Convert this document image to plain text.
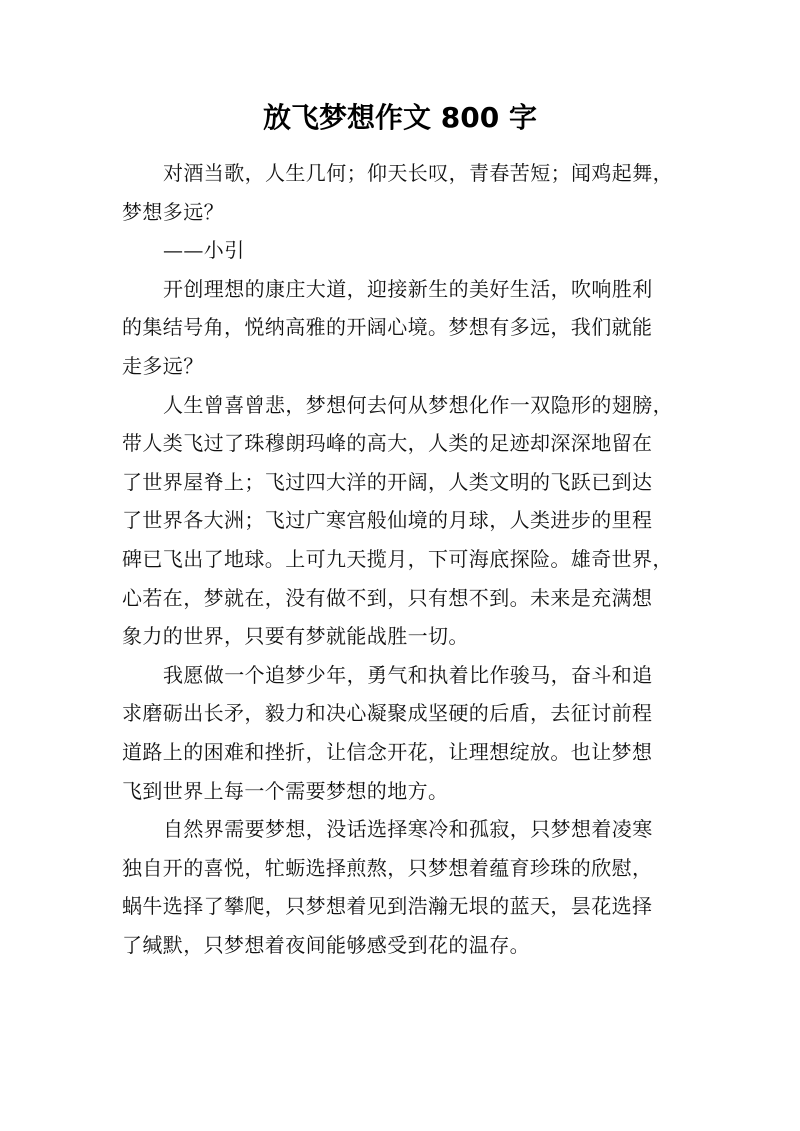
放飞梦想作文 800 字

对酒当歌，人生几何；仰天长叹，青春苦短；闻鸡起舞，
梦想多远？

——小引

开创理想的康庄大道，迎接新生的美好生活，吹响胜利
的集结号角，悦纳高雅的开阔心境。梦想有多远，我们就能
走多远？

人生曾喜曾悲，梦想何去何从梦想化作一双隐形的翅膀，
带人类飞过了珠穆朗玛峰的高大，人类的足迹却深深地留在
了世界屋脊上；飞过四大洋的开阔，人类文明的飞跃已到达
了世界各大洲；飞过广寒宫般仙境的月球，人类进步的里程
碑已飞出了地球。上可九天揽月，下可海底探险。雄奇世界，
心若在，梦就在，没有做不到，只有想不到。未来是充满想
象力的世界，只要有梦就能战胜一切。

我愿做一个追梦少年，勇气和执着比作骏马，奋斗和追
求磨砺出长矛，毅力和决心凝聚成坚硬的后盾，去征讨前程
道路上的困难和挫折，让信念开花，让理想绽放。也让梦想
飞到世界上每一个需要梦想的地方。

自然界需要梦想，没话选择寒冷和孤寂，只梦想着凌寒
独自开的喜悦，牤蛎选择煎熬，只梦想着蕴育珍珠的欣慰，
蜗牛选择了攀爬，只梦想着见到浩瀚无垠的蓝天，昙花选择
了缄默，只梦想着夜间能够感受到花的温存。
